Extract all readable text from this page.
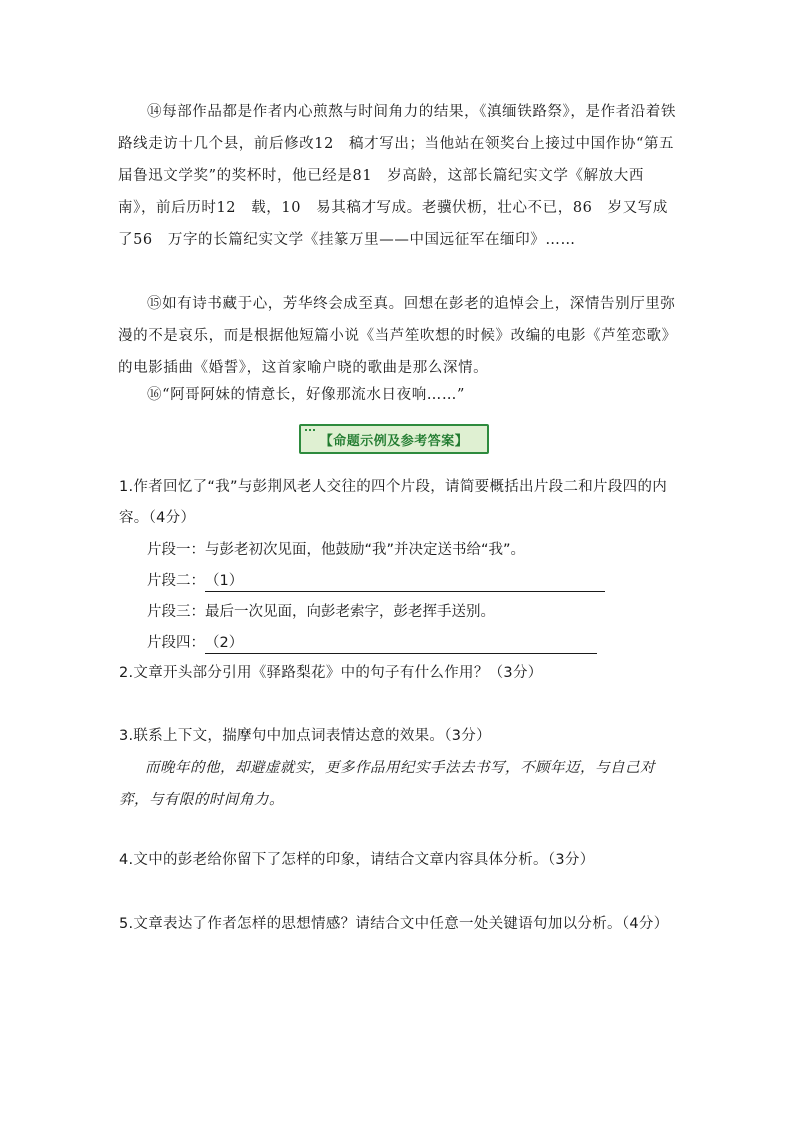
⑭每部作品都是作者内心煎熬与时间角力的结果，《滇缅铁路祭》，是作者沿着铁路线走访十几个县，前后修改12　稿才写出；当他站在领奖台上接过中国作协“第五届鲁迅文学奖”的奖杯时，他已经是81　岁高龄，这部长篇纪实文学《解放大西南》，前后历时12　载，10　易其稿才写成。老骥伏枥，壮心不已，86　岁又写成了56　万字的长篇纪实文学《挂篆万里——中国远征军在缅印》……

⑮如有诗书藏于心，芳华终会成至真。回想在彭老的追悼会上，深情告别厅里弥漫的不是哀乐，而是根据他短篇小说《当芦笙吹想的时候》改编的电影《芦笙恋歌》的电影插曲《婚誓》，这首家喻户晓的歌曲是那么深情。

⑯“阿哥阿妹的情意长，好像那流水日夜响……”

【命题示例及参考答案】

1.作者回忆了“我”与彭荆风老人交往的四个片段，请简要概括出片段二和片段四的内容。（4分）

片段一：与彭老初次见面，他鼓励“我”并决定送书给“我”。

片段二：（1）

片段三：最后一次见面，向彭老索字，彭老挥手送别。

片段四：（2）

2.文章开头部分引用《驿路梨花》中的句子有什么作用？（3分）

3.联系上下文，揣摩句中加点词表情达意的效果。（3分）

而晚年的他，却避虚就实，更多作品用纪实手法去书写，不顾年迈，与自己对弈，与有限的时间角力。

4.文中的彭老给你留下了怎样的印象，请结合文章内容具体分析。（3分）

5.文章表达了作者怎样的思想情感？请结合文中任意一处关键语句加以分析。（4分）
